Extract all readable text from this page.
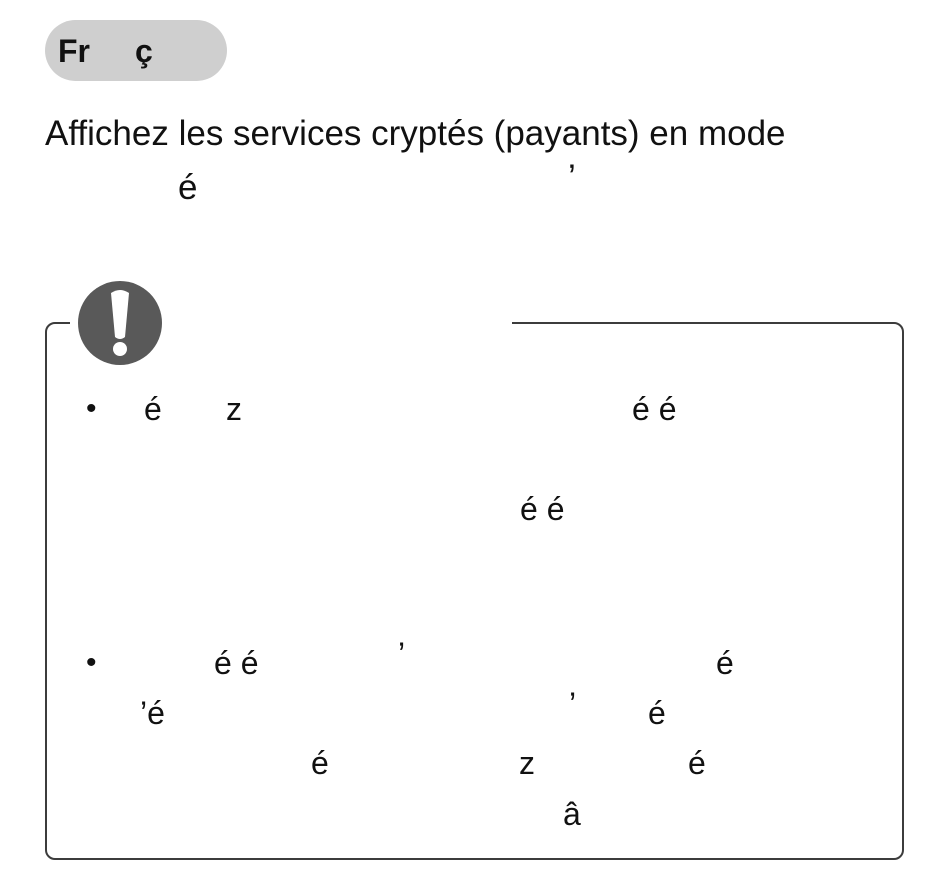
Fr ç
Affichez les services cryptés (payants) en mode
é	’
• é z	é é
é é
•	é é	’	é
’é	’ é
é	z	é
â
